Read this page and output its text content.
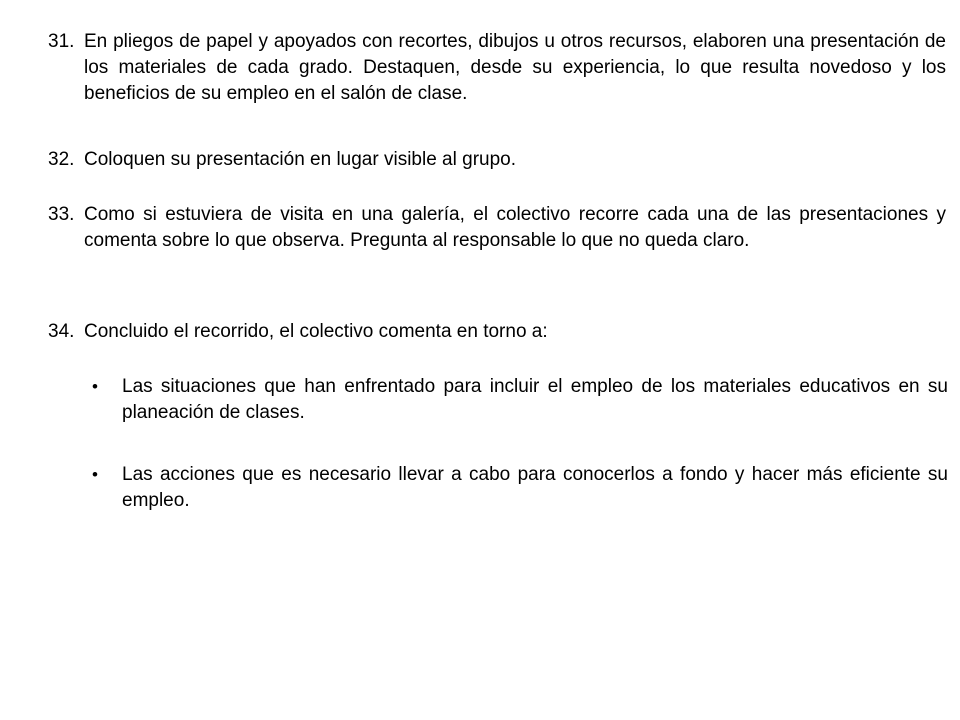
31. En pliegos de papel y apoyados con recortes, dibujos u otros recursos, elaboren una presentación de los materiales de cada grado. Destaquen, desde su experiencia, lo que resulta novedoso y los beneficios de su empleo en el salón de clase.
32. Coloquen su presentación en lugar visible al grupo.
33. Como si estuviera de visita en una galería, el colectivo recorre cada una de las presentaciones y comenta sobre lo que observa. Pregunta al responsable lo que no queda claro.
34. Concluido el recorrido, el colectivo comenta en torno a:
• Las situaciones que han enfrentado para incluir el empleo de los materiales educativos en su planeación de clases.
• Las acciones que es necesario llevar a cabo para conocerlos a fondo y hacer más eficiente su empleo.
